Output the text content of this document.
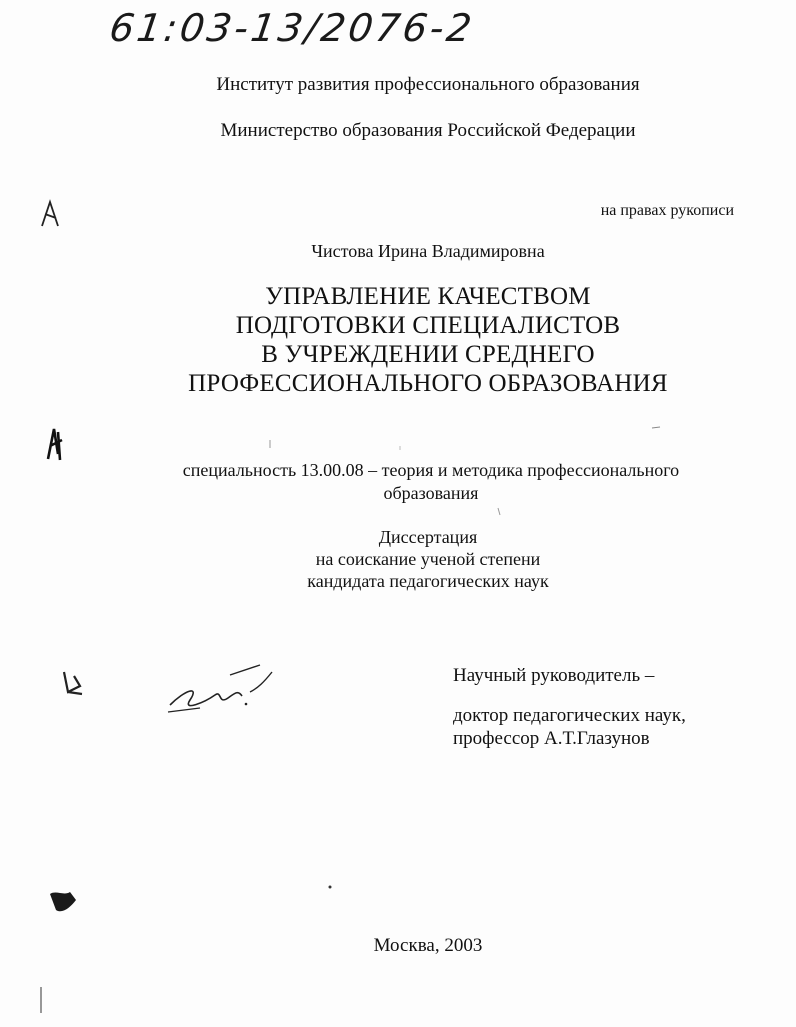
61:03-13/2076-2
Институт развития профессионального образования
Министерство образования Российской Федерации
на правах рукописи
Чистова Ирина Владимировна
УПРАВЛЕНИЕ КАЧЕСТВОМ
ПОДГОТОВКИ СПЕЦИАЛИСТОВ
В УЧРЕЖДЕНИИ СРЕДНЕГО
ПРОФЕССИОНАЛЬНОГО ОБРАЗОВАНИЯ
специальность 13.00.08 – теория и методика профессионального
образования
Диссертация
на соискание ученой степени
кандидата педагогических наук
Научный руководитель –
доктор педагогических наук,
профессор А.Т.Глазунов
Москва, 2003
